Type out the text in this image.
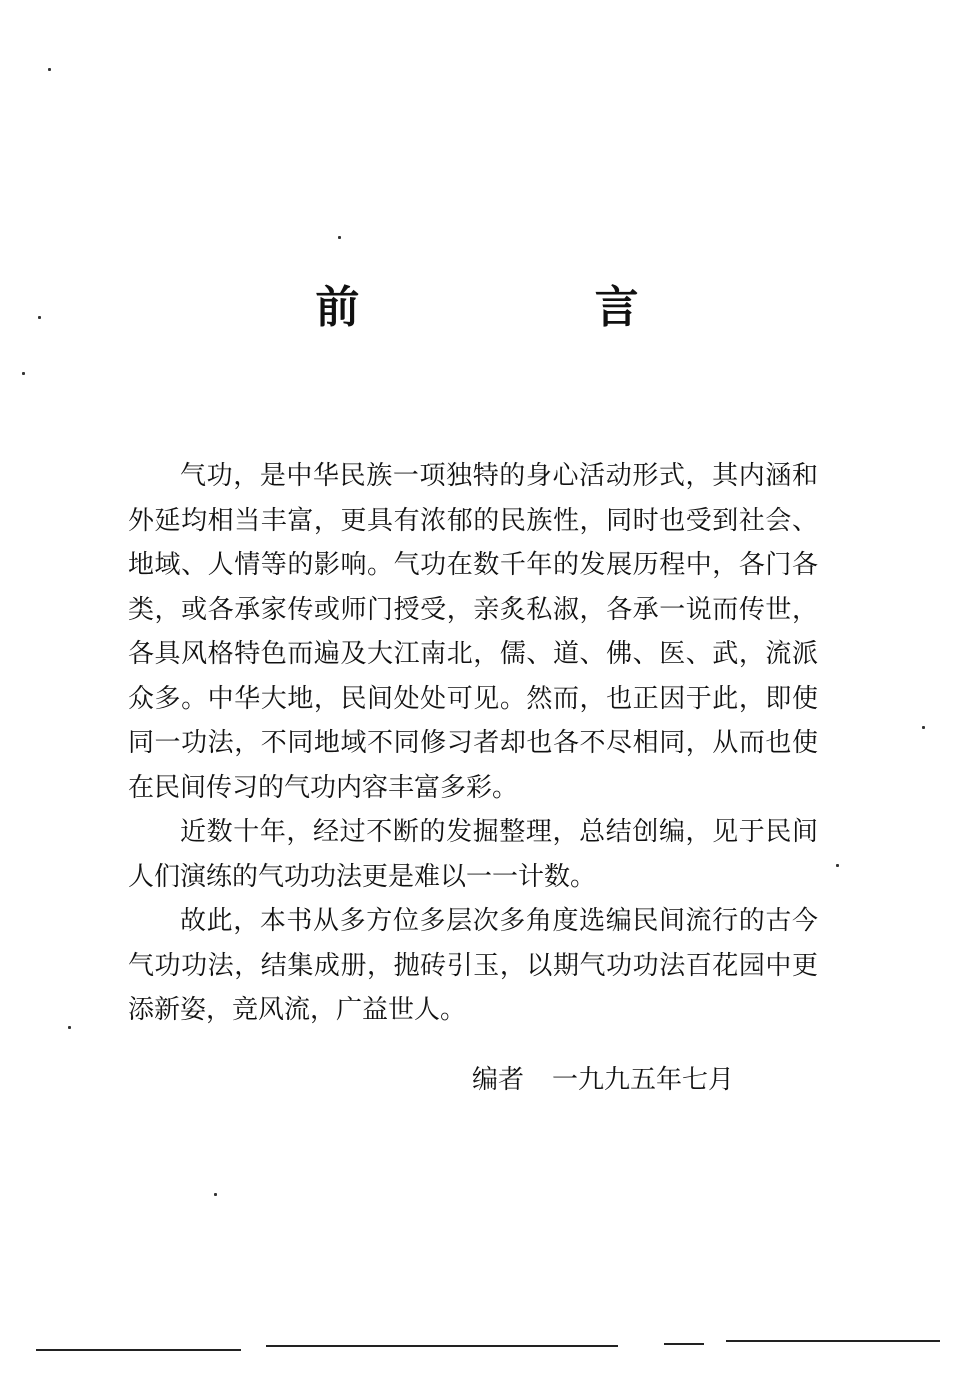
前 言

气功，是中华民族一项独特的身心活动形式，其内涵和外延均相当丰富，更具有浓郁的民族性，同时也受到社会、地域、人情等的影响。气功在数千年的发展历程中，各门各类，或各承家传或师门授受，亲炙私淑，各承一说而传世，各具风格特色而遍及大江南北，儒、道、佛、医、武，流派众多。中华大地，民间处处可见。然而，也正因于此，即使同一功法，不同地域不同修习者却也各不尽相同，从而也使在民间传习的气功内容丰富多彩。

近数十年，经过不断的发掘整理，总结创编，见于民间人们演练的气功功法更是难以一一计数。

故此，本书从多方位多层次多角度选编民间流行的古今气功功法，结集成册，抛砖引玉，以期气功功法百花园中更添新姿，竞风流，广益世人。

编者 一九九五年七月
